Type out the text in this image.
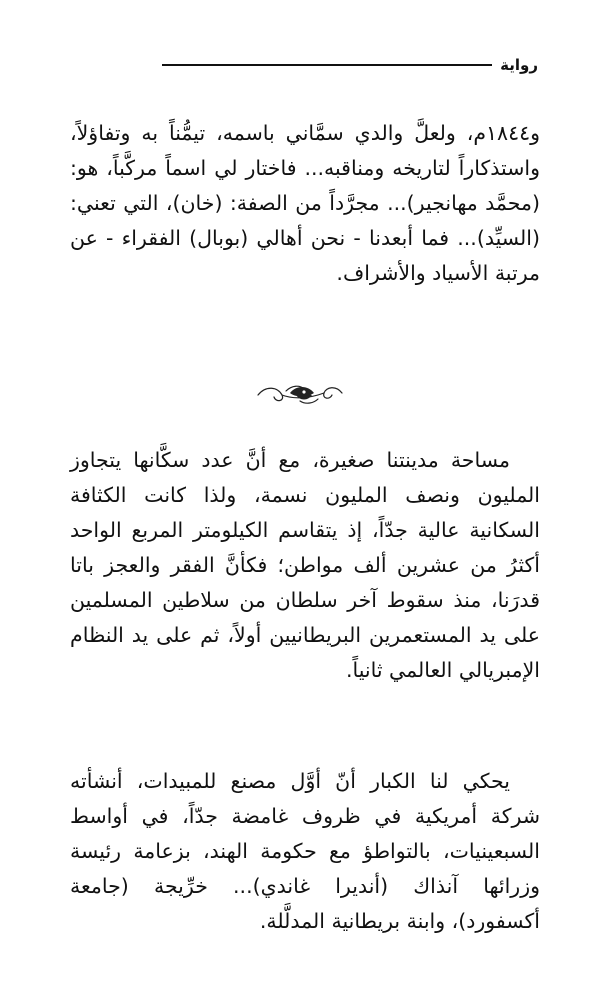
رواية

و١٨٤٤م، ولعلَّ والدي سمَّاني باسمه، تيمُّناً به وتفاؤلاً، واستذكاراً لتاريخه ومناقبه... فاختار لي اسماً مركَّباً، هو: (محمَّد مهانجير)... مجرَّداً من الصفة: (خان)، التي تعني: (السيِّد)... فما أبعدنا - نحن أهالي (بوبال) الفقراء - عن مرتبة الأسياد والأشراف.

مساحة مدينتنا صغيرة، مع أنَّ عدد سكَّانها يتجاوز المليون ونصف المليون نسمة، ولذا كانت الكثافة السكانية عالية جدّاً، إذ يتقاسم الكيلومتر المربع الواحد أكثرُ من عشرين ألف مواطن؛ فكأنَّ الفقر والعجز باتا قدرَنا، منذ سقوط آخر سلطان من سلاطين المسلمين على يد المستعمرين البريطانيين أولاً، ثم على يد النظام الإمبريالي العالمي ثانياً.

يحكي لنا الكبار أنّ أوَّل مصنع للمبيدات، أنشأته شركة أمريكية في ظروف غامضة جدّاً، في أواسط السبعينيات، بالتواطؤ مع حكومة الهند، بزعامة رئيسة وزرائها آنذاك (أنديرا غاندي)... خرِّيجة (جامعة أكسفورد)، وابنة بريطانية المدلَّلة.
